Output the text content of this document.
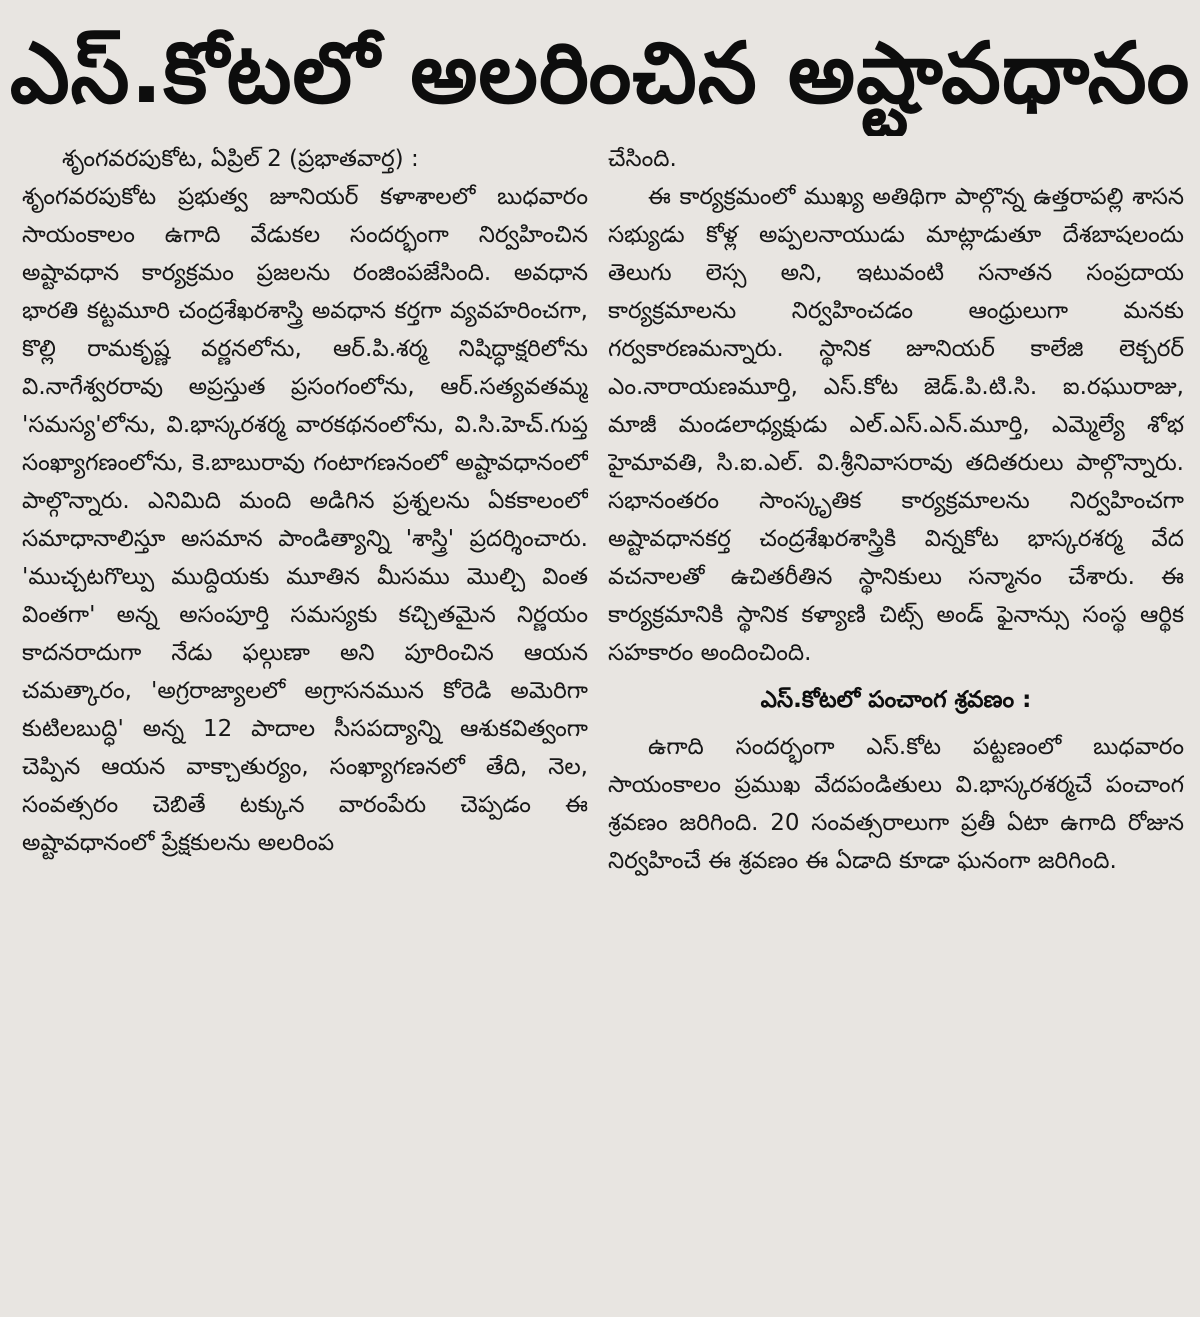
ఎస్.కోటలో అలరించిన అష్టావధానం

శృంగవరపుకోట, ఏప్రిల్ 2 (ప్రభాతవార్త) :

శృంగవరపుకోట ప్రభుత్వ జూనియర్ కళాశాలలో బుధవారం సాయంకాలం ఉగాది వేడుకల సందర్భంగా నిర్వహించిన అష్టావధాన కార్యక్రమం ప్రజలను రంజింపజేసింది. అవధాన భారతి కట్టమూరి చంద్రశేఖరశాస్త్రి అవధాన కర్తగా వ్యవహరించగా, కొల్లి రామకృష్ణ వర్ణనలోను, ఆర్.పి.శర్మ నిషిద్ధాక్షరిలోను వి.నాగేశ్వరరావు అప్రస్తుత ప్రసంగంలోను, ఆర్.సత్యవతమ్మ 'సమస్య'లోను, వి.భాస్కరశర్మ వారకథనంలోను, వి.సి.హెచ్.గుప్త సంఖ్యాగణంలోను, కె.బాబురావు గంటాగణనంలో అష్టావధానంలో పాల్గొన్నారు. ఎనిమిది మంది అడిగిన ప్రశ్నలను ఏకకాలంలో సమాధానాలిస్తూ అసమాన పాండిత్యాన్ని 'శాస్త్రి' ప్రదర్శించారు. 'ముచ్చటగొల్పు ముద్దియకు మూతిన మీసము మొల్చి వింత వింతగా' అన్న అసంపూర్తి సమస్యకు కచ్చితమైన నిర్ణయం కాదనరాదుగా నేడు ఫల్గుణా అని పూరించిన ఆయన చమత్కారం, 'అగ్రరాజ్యాలలో అగ్రాసనమున కోరెడి అమెరిగా కుటిలబుద్ధి' అన్న 12 పాదాల సీసపద్యాన్ని ఆశుకవిత్వంగా చెప్పిన ఆయన వాక్చాతుర్యం, సంఖ్యాగణనలో తేది, నెల, సంవత్సరం చెబితే టక్కున వారంపేరు చెప్పడం ఈ అష్టావధానంలో ప్రేక్షకులను అలరింప

చేసింది.

ఈ కార్యక్రమంలో ముఖ్య అతిథిగా పాల్గొన్న ఉత్తరాపల్లి శాసన సభ్యుడు కోళ్ల అప్పలనాయుడు మాట్లాడుతూ దేశబాషలందు తెలుగు లెస్స అని, ఇటువంటి సనాతన సంప్రదాయ కార్యక్రమాలను నిర్వహించడం ఆంధ్రులుగా మనకు గర్వకారణమన్నారు. స్థానిక జూనియర్ కాలేజి లెక్చరర్ ఎం.నారాయణమూర్తి, ఎస్.కోట జెడ్.పి.టి.సి. ఐ.రఘురాజు, మాజీ మండలాధ్యక్షుడు ఎల్.ఎస్.ఎన్.మూర్తి, ఎమ్మెల్యే శోభ హైమావతి, సి.ఐ.ఎల్. వి.శ్రీనివాసరావు తదితరులు పాల్గొన్నారు. సభానంతరం సాంస్కృతిక కార్యక్రమాలను నిర్వహించగా అష్టావధానకర్త చంద్రశేఖరశాస్త్రికి విన్నకోట భాస్కరశర్మ వేద వచనాలతో ఉచితరీతిన స్థానికులు సన్మానం చేశారు. ఈ కార్యక్రమానికి స్థానిక కళ్యాణి చిట్స్ అండ్ ఫైనాన్సు సంస్థ ఆర్థిక సహకారం అందించింది.

ఎస్.కోటలో పంచాంగ శ్రవణం :

ఉగాది సందర్భంగా ఎస్.కోట పట్టణంలో బుధవారం సాయంకాలం ప్రముఖ వేదపండితులు వి.భాస్కరశర్మచే పంచాంగ శ్రవణం జరిగింది. 20 సంవత్సరాలుగా ప్రతీ ఏటా ఉగాది రోజున నిర్వహించే ఈ శ్రవణం ఈ ఏడాది కూడా ఘనంగా జరిగింది.
